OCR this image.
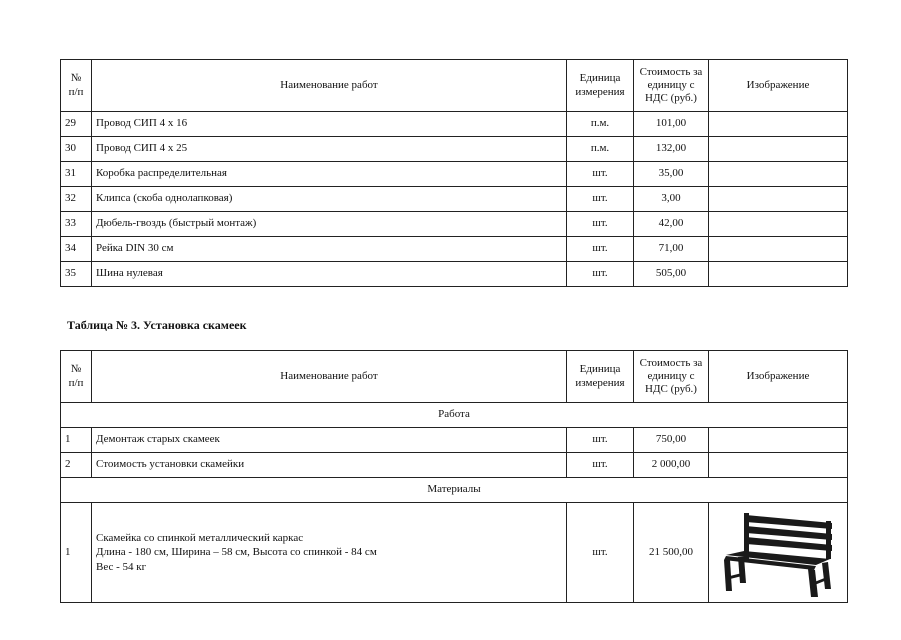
№
п/п	Наименование работ	Единица измерения	Стоимость за единицу с НДС (руб.)	Изображение
29	Провод СИП 4 х 16	п.м.	101,00	
30	Провод СИП 4 х 25	п.м.	132,00	
31	Коробка распределительная	шт.	35,00	
32	Клипса (скоба однолапковая)	шт.	3,00	
33	Дюбель-гвоздь (быстрый монтаж)	шт.	42,00	
34	Рейка DIN 30 см	шт.	71,00	
35	Шина нулевая	шт.	505,00	
Таблица № 3. Установка скамеек
№
п/п	Наименование работ	Единица измерения	Стоимость за единицу с НДС (руб.)	Изображение
Работа				
1	Демонтаж старых скамеек	шт.	750,00	
2	Стоимость установки скамейки	шт.	2 000,00	
Материалы				
1	Скамейка со спинкой металлический каркас
Длина - 180 см, Ширина – 58 см, Высота со спинкой - 84 см
Вес - 54 кг	шт.	21 500,00	
